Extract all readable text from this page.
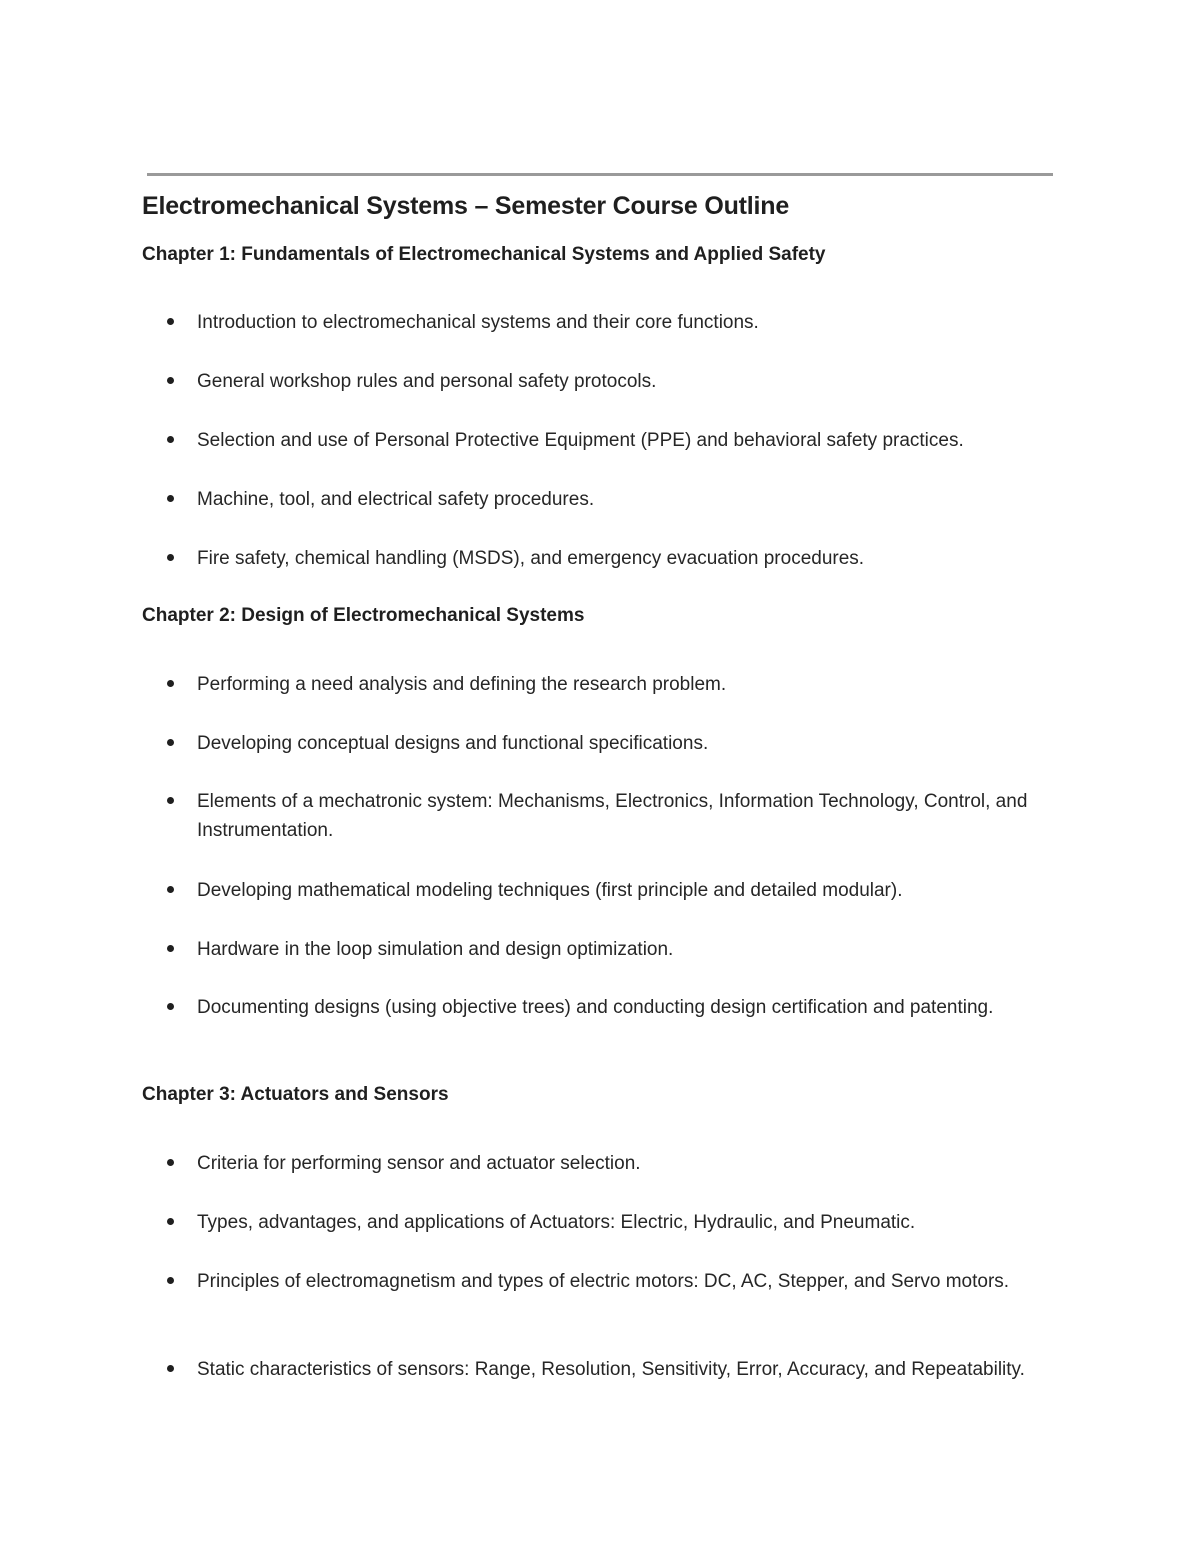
Electromechanical Systems – Semester Course Outline
Chapter 1: Fundamentals of Electromechanical Systems and Applied Safety
Introduction to electromechanical systems and their core functions.
General workshop rules and personal safety protocols.
Selection and use of Personal Protective Equipment (PPE) and behavioral safety practices.
Machine, tool, and electrical safety procedures.
Fire safety, chemical handling (MSDS), and emergency evacuation procedures.
Chapter 2: Design of Electromechanical Systems
Performing a need analysis and defining the research problem.
Developing conceptual designs and functional specifications.
Elements of a mechatronic system: Mechanisms, Electronics, Information Technology, Control, and Instrumentation.
Developing mathematical modeling techniques (first principle and detailed modular).
Hardware in the loop simulation and design optimization.
Documenting designs (using objective trees) and conducting design certification and patenting.
Chapter 3: Actuators and Sensors
Criteria for performing sensor and actuator selection.
Types, advantages, and applications of Actuators: Electric, Hydraulic, and Pneumatic.
Principles of electromagnetism and types of electric motors: DC, AC, Stepper, and Servo motors.
Static characteristics of sensors: Range, Resolution, Sensitivity, Error, Accuracy, and Repeatability.
